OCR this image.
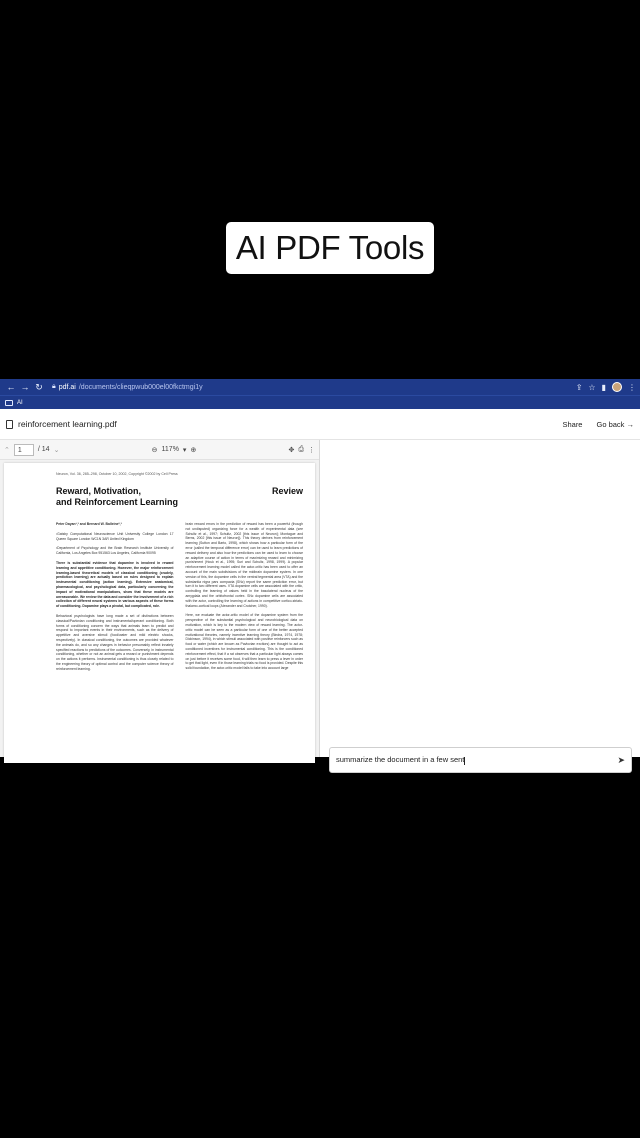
AI PDF Tools
← → ↻	🔒︎ pdf.ai /documents/clieqpwub000el00fkctmgi1y	⇪ ☆ ▮	⋮
AI
reinforcement learning.pdf	Share Go back →
⌃	1	/ 14 ⌄	⊖ 117% ▾ ⊕	✥ ⎙ ⋮
Neuron, Vol. 36, 285–298, October 10, 2002, Copyright ©2002 by Cell Press
Reward, Motivation,
and Reinforcement Learning
Review

Peter Dayan¹,³ and Bernard W. Balleine²,³

¹Gatsby Computational Neuroscience Unit University College London 17 Queen Square London WC1N 3AR United Kingdom

²Department of Psychology and the Brain Research Institute University of California, Los Angeles Box 951563 Los Angeles, California 90095

There is substantial evidence that dopamine is involved in reward learning and appetitive conditioning. However, the major reinforcement learning-based theoretical models of classical conditioning (crudely, prediction learning) are actually based on rules designed to explain instrumental conditioning (action learning). Extensive anatomical, pharmacological, and psychological data, particularly concerning the impact of motivational manipulations, show that these models are unreasonable. We review the data and consider the involvement of a rich collection of different neural systems in various aspects of these forms of conditioning. Dopamine plays a pivotal, but complicated, role.

Behavioral psychologists have long made a set of distinctions between classical/Pavlovian conditioning and instrumental/operant conditioning. Both forms of conditioning concern the ways that animals learn to predict and respond to important events in their environments, such as the delivery of appetitive and aversive stimuli (food/water and mild electric shocks, respectively). In classical conditioning, the outcomes are provided whatever the animals do, and so any changes in behavior presumably reflect innately specified reactions to predictions of the outcomes. Conversely, in instrumental conditioning, whether or not an animal gets a reward or punishment depends on the actions it performs. Instrumental conditioning is thus closely related to the engineering theory of optimal control and the computer science theory of reinforcement learning.

brain reward errors in the prediction of reward has been a powerful (though not undisputed) organizing force for a wealth of experimental data (see Schultz et al., 1997; Schultz, 2002 [this issue of Neuron]; Montague and Berns, 2002 [this issue of Neuron]). This theory derives from reinforcement learning (Sutton and Barto, 1998), which shows how a particular form of the error (called the temporal difference error) can be used to learn predictions of reward delivery and also how the predictions can be used to learn to choose an adaptive course of action in terms of maximizing reward and minimizing punishment (Houk et al., 1995; Suri and Schultz, 1998, 1999). A popular reinforcement learning model called the actor-critic has been used to offer an account of the main subdivisions of the midbrain dopamine system. In one version of this, the dopamine cells in the ventral tegmental area (VTA) and the substantia nigra pars compacta (SNc) report the same prediction error, but turn it to two different uses. VTA dopamine cells are associated with the critic, controlling the learning of values held in the basolateral nucleus of the amygdala and the orbitofrontal cortex. SNc dopamine cells are associated with the actor, controlling the learning of actions in competitive cortico-striato-thalamo-cortical loops (Alexander and Crutcher, 1990).

Here, we evaluate the actor-critic model of the dopamine system from the perspective of the substantial psychological and neurobiological data on motivation, which is key to the modern view of reward learning. The actor-critic model can be seen as a particular form of one of the better accepted motivational theories, namely incentive learning theory (Bindra, 1974, 1978; Dickinson, 1994), in which stimuli associated with positive reinforcers such as food or water (which are known as Pavlovian excitors) are thought to act as conditioned incentives for instrumental conditioning. This is the conditioned reinforcement effect, that if a rat observes that a particular light always comes on just before it receives some food, it will then learn to press a lever in order to get that light, even if in those learning trials no food is provided. Despite this solid foundation, the actor-critic model fails to take into account large

summarize the document in a few sent	➤
